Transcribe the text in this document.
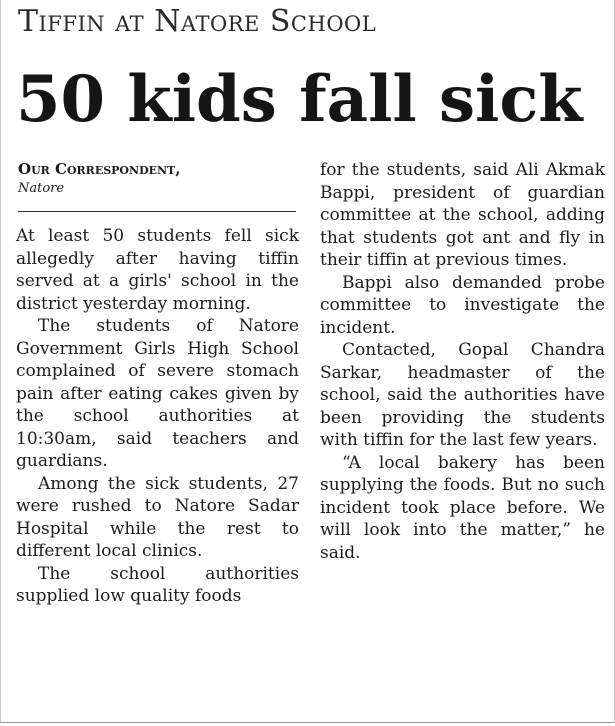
Tiffin at Natore School
50 kids fall sick
Our Correspondent,
Natore

At least 50 students fell sick allegedly after having tiffin served at a girls' school in the district yesterday morning.

The students of Natore Government Girls High School complained of severe stomach pain after eating cakes given by the school authorities at 10:30am, said teachers and guardians.

Among the sick students, 27 were rushed to Natore Sadar Hospital while the rest to different local clinics.

The school authorities supplied low quality foods

for the students, said Ali Akmak Bappi, president of guardian committee at the school, adding that students got ant and fly in their tiffin at previous times.

Bappi also demanded probe committee to investigate the incident.

Contacted, Gopal Chandra Sarkar, headmaster of the school, said the authorities have been providing the students with tiffin for the last few years.

“A local bakery has been supplying the foods. But no such incident took place before. We will look into the matter,” he said.
